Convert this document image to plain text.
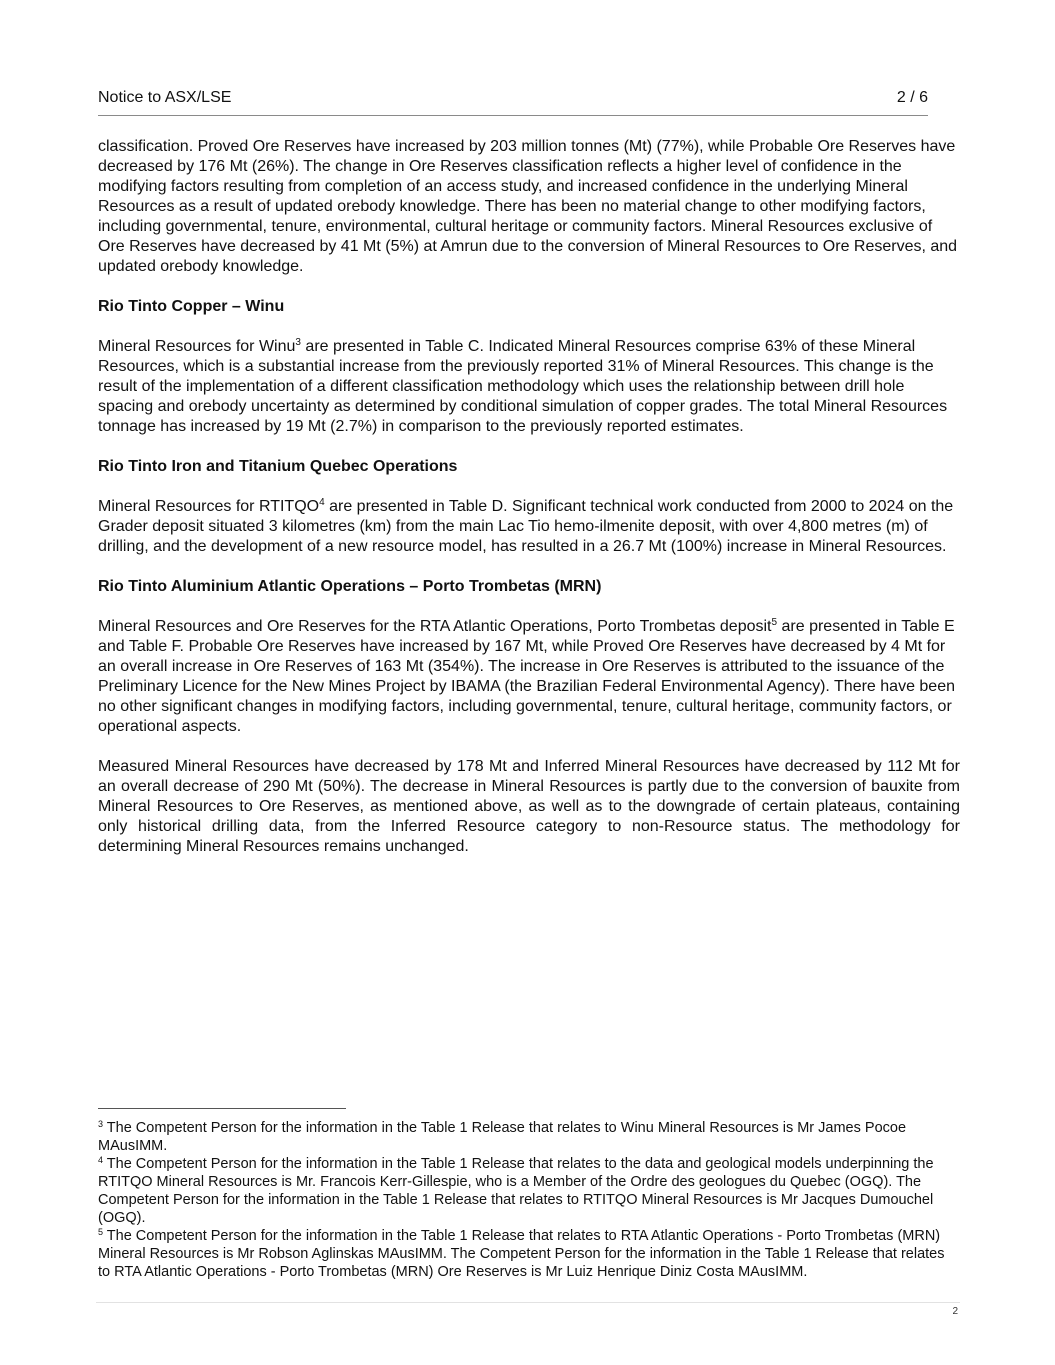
Notice to ASX/LSE	2 / 6

classification. Proved Ore Reserves have increased by 203 million tonnes (Mt) (77%), while Probable Ore Reserves have decreased by 176 Mt (26%). The change in Ore Reserves classification reflects a higher level of confidence in the modifying factors resulting from completion of an access study, and increased confidence in the underlying Mineral Resources as a result of updated orebody knowledge. There has been no material change to other modifying factors, including governmental, tenure, environmental, cultural heritage or community factors. Mineral Resources exclusive of Ore Reserves have decreased by 41 Mt (5%) at Amrun due to the conversion of Mineral Resources to Ore Reserves, and updated orebody knowledge.

Rio Tinto Copper – Winu

Mineral Resources for Winu$^3$ are presented in Table C. Indicated Mineral Resources comprise 63% of these Mineral Resources, which is a substantial increase from the previously reported 31% of Mineral Resources. This change is the result of the implementation of a different classification methodology which uses the relationship between drill hole spacing and orebody uncertainty as determined by conditional simulation of copper grades. The total Mineral Resources tonnage has increased by 19 Mt (2.7%) in comparison to the previously reported estimates.

Rio Tinto Iron and Titanium Quebec Operations

Mineral Resources for RTITQO$^4$ are presented in Table D. Significant technical work conducted from 2000 to 2024 on the Grader deposit situated 3 kilometres (km) from the main Lac Tio hemo-ilmenite deposit, with over 4,800 metres (m) of drilling, and the development of a new resource model, has resulted in a 26.7 Mt (100%) increase in Mineral Resources.

Rio Tinto Aluminium Atlantic Operations – Porto Trombetas (MRN)

Mineral Resources and Ore Reserves for the RTA Atlantic Operations, Porto Trombetas deposit$^5$ are presented in Table E and Table F. Probable Ore Reserves have increased by 167 Mt, while Proved Ore Reserves have decreased by 4 Mt for an overall increase in Ore Reserves of 163 Mt (354%). The increase in Ore Reserves is attributed to the issuance of the Preliminary Licence for the New Mines Project by IBAMA (the Brazilian Federal Environmental Agency). There have been no other significant changes in modifying factors, including governmental, tenure, cultural heritage, community factors, or operational aspects.

Measured Mineral Resources have decreased by 178 Mt and Inferred Mineral Resources have decreased by 112 Mt for an overall decrease of 290 Mt (50%). The decrease in Mineral Resources is partly due to the conversion of bauxite from Mineral Resources to Ore Reserves, as mentioned above, as well as to the downgrade of certain plateaus, containing only historical drilling data, from the Inferred Resource category to non-Resource status. The methodology for determining Mineral Resources remains unchanged.

$^3$ The Competent Person for the information in the Table 1 Release that relates to Winu Mineral Resources is Mr James Pocoe MAusIMM.

$^4$ The Competent Person for the information in the Table 1 Release that relates to the data and geological models underpinning the RTITQO Mineral Resources is Mr. Francois Kerr-Gillespie, who is a Member of the Ordre des geologues du Quebec (OGQ). The Competent Person for the information in the Table 1 Release that relates to RTITQO Mineral Resources is Mr Jacques Dumouchel (OGQ).

$^5$ The Competent Person for the information in the Table 1 Release that relates to RTA Atlantic Operations - Porto Trombetas (MRN) Mineral Resources is Mr Robson Aglinskas MAusIMM. The Competent Person for the information in the Table 1 Release that relates to RTA Atlantic Operations - Porto Trombetas (MRN) Ore Reserves is Mr Luiz Henrique Diniz Costa MAusIMM.

2
